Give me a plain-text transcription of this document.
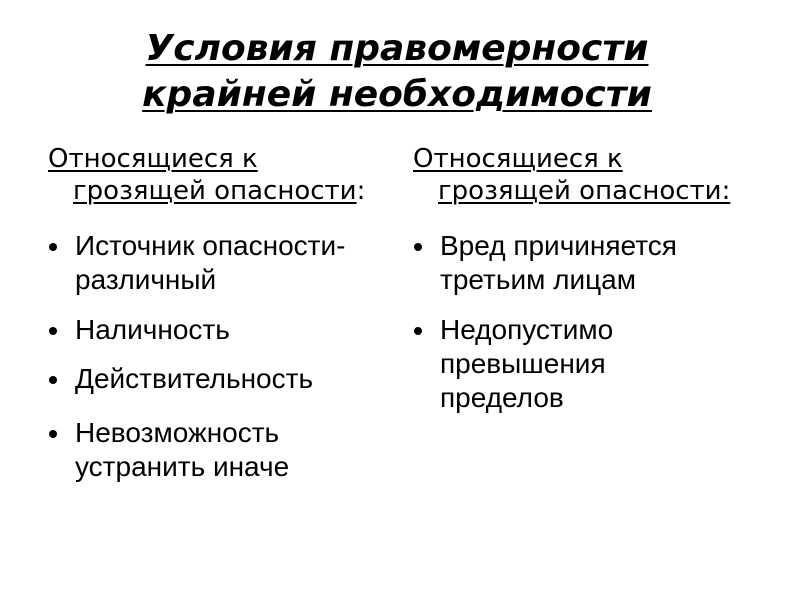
Условия правомерности
крайней необходимости
Относящиеся к грозящей опасности:
Источник опасности-различный
Наличность
Действительность
Невозможность устранить иначе
Относящиеся к грозящей опасности:
Вред причиняется третьим лицам
Недопустимо превышения пределов
